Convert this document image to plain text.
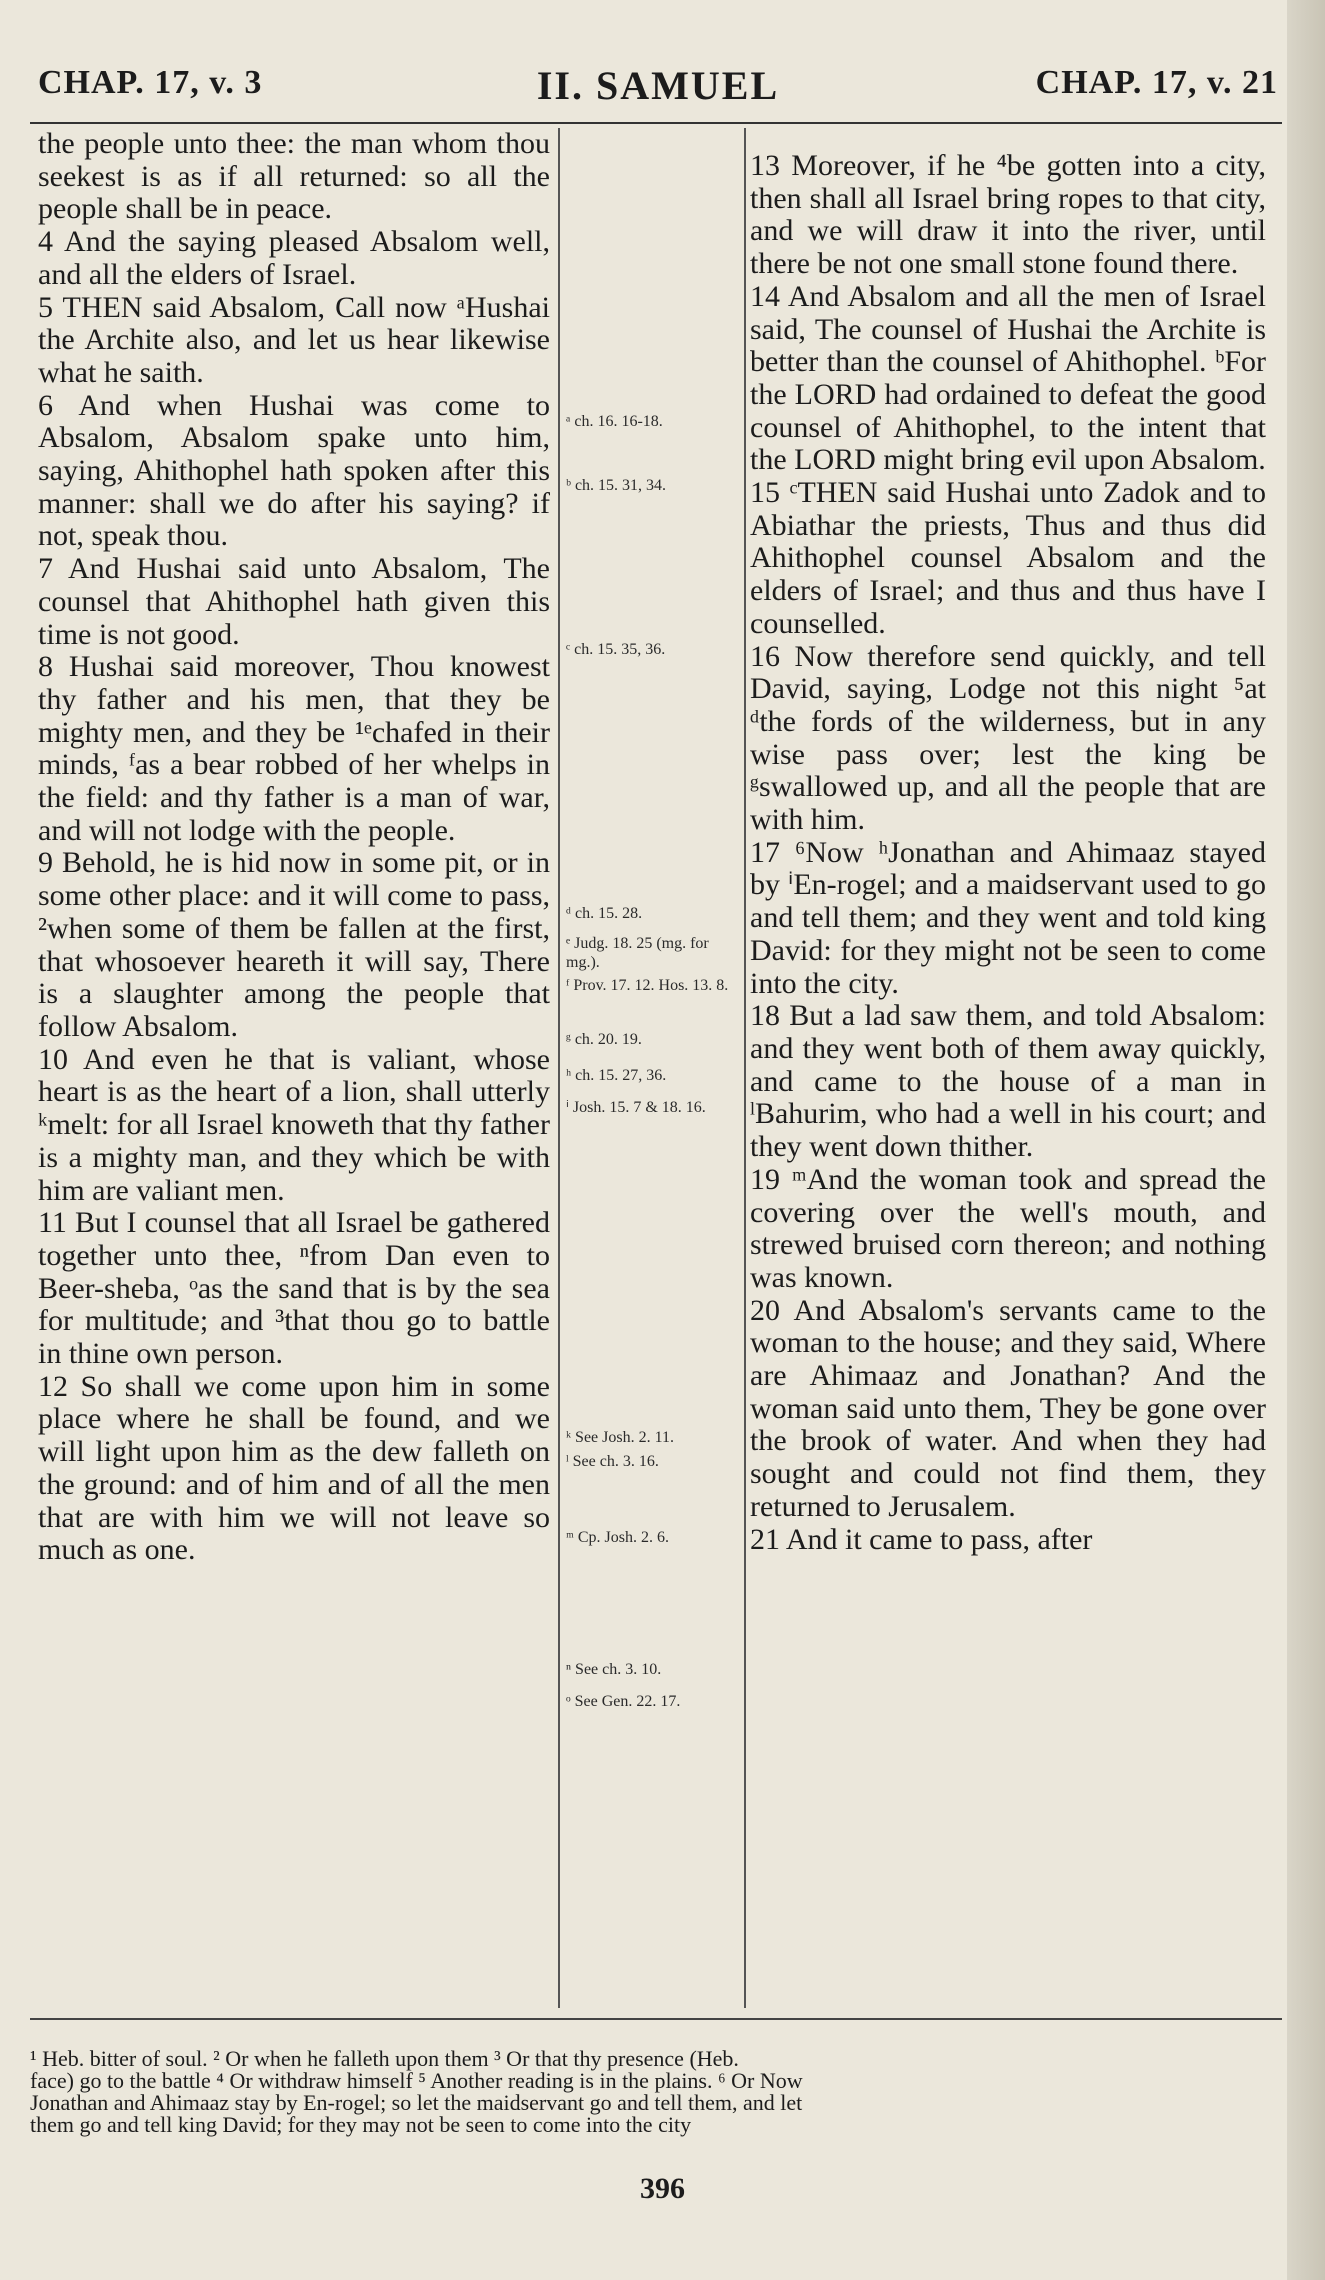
CHAP. 17, v. 3	II. SAMUEL	CHAP. 17, v. 21

the people unto thee: the man whom thou seekest is as if all returned: so all the people shall be in peace.

4 And the saying pleased Absalom well, and all the elders of Israel.

5 THEN said Absalom, Call now ᵃHushai the Archite also, and let us hear likewise what he saith.

6 And when Hushai was come to Absalom, Absalom spake unto him, saying, Ahithophel hath spoken after this manner: shall we do after his saying? if not, speak thou.

7 And Hushai said unto Absalom, The counsel that Ahithophel hath given this time is not good.

8 Hushai said moreover, Thou knowest thy father and his men, that they be mighty men, and they be ¹ᵉchafed in their minds, ᶠas a bear robbed of her whelps in the field: and thy father is a man of war, and will not lodge with the people.

9 Behold, he is hid now in some pit, or in some other place: and it will come to pass, ²when some of them be fallen at the first, that whosoever heareth it will say, There is a slaughter among the people that follow Absalom.

10 And even he that is valiant, whose heart is as the heart of a lion, shall utterly ᵏmelt: for all Israel knoweth that thy father is a mighty man, and they which be with him are valiant men.

11 But I counsel that all Israel be gathered together unto thee, ⁿfrom Dan even to Beer-sheba, ᵒas the sand that is by the sea for multitude; and ³that thou go to battle in thine own person.

12 So shall we come upon him in some place where he shall be found, and we will light upon him as the dew falleth on the ground: and of him and of all the men that are with him we will not leave so much as one.

ᵃ ch. 16. 16-18.
ᵇ ch. 15. 31, 34.
ᶜ ch. 15. 35, 36.
ᵈ ch. 15. 28.
ᵉ Judg. 18. 25 (mg. for mg.).
ᶠ Prov. 17. 12. Hos. 13. 8.
ᵍ ch. 20. 19.
ʰ ch. 15. 27, 36.
ⁱ Josh. 15. 7 & 18. 16.
ᵏ See Josh. 2. 11.
ˡ See ch. 3. 16.
ᵐ Cp. Josh. 2. 6.
ⁿ See ch. 3. 10.
ᵒ See Gen. 22. 17.

13 Moreover, if he ⁴be gotten into a city, then shall all Israel bring ropes to that city, and we will draw it into the river, until there be not one small stone found there.

14 And Absalom and all the men of Israel said, The counsel of Hushai the Archite is better than the counsel of Ahithophel. ᵇFor the LORD had ordained to defeat the good counsel of Ahithophel, to the intent that the LORD might bring evil upon Absalom.

15 ᶜTHEN said Hushai unto Zadok and to Abiathar the priests, Thus and thus did Ahithophel counsel Absalom and the elders of Israel; and thus and thus have I counselled.

16 Now therefore send quickly, and tell David, saying, Lodge not this night ⁵at ᵈthe fords of the wilderness, but in any wise pass over; lest the king be ᵍswallowed up, and all the people that are with him.

17 ⁶Now ʰJonathan and Ahimaaz stayed by ⁱEn-rogel; and a maidservant used to go and tell them; and they went and told king David: for they might not be seen to come into the city.

18 But a lad saw them, and told Absalom: and they went both of them away quickly, and came to the house of a man in ˡBahurim, who had a well in his court; and they went down thither.

19 ᵐAnd the woman took and spread the covering over the well's mouth, and strewed bruised corn thereon; and nothing was known.

20 And Absalom's servants came to the woman to the house; and they said, Where are Ahimaaz and Jonathan? And the woman said unto them, They be gone over the brook of water. And when they had sought and could not find them, they returned to Jerusalem.

21 And it came to pass, after

¹ Heb. bitter of soul. ² Or when he falleth upon them ³ Or that thy presence (Heb.

face) go to the battle ⁴ Or withdraw himself ⁵ Another reading is in the plains. ⁶ Or Now

Jonathan and Ahimaaz stay by En-rogel; so let the maidservant go and tell them, and let

them go and tell king David; for they may not be seen to come into the city

396
